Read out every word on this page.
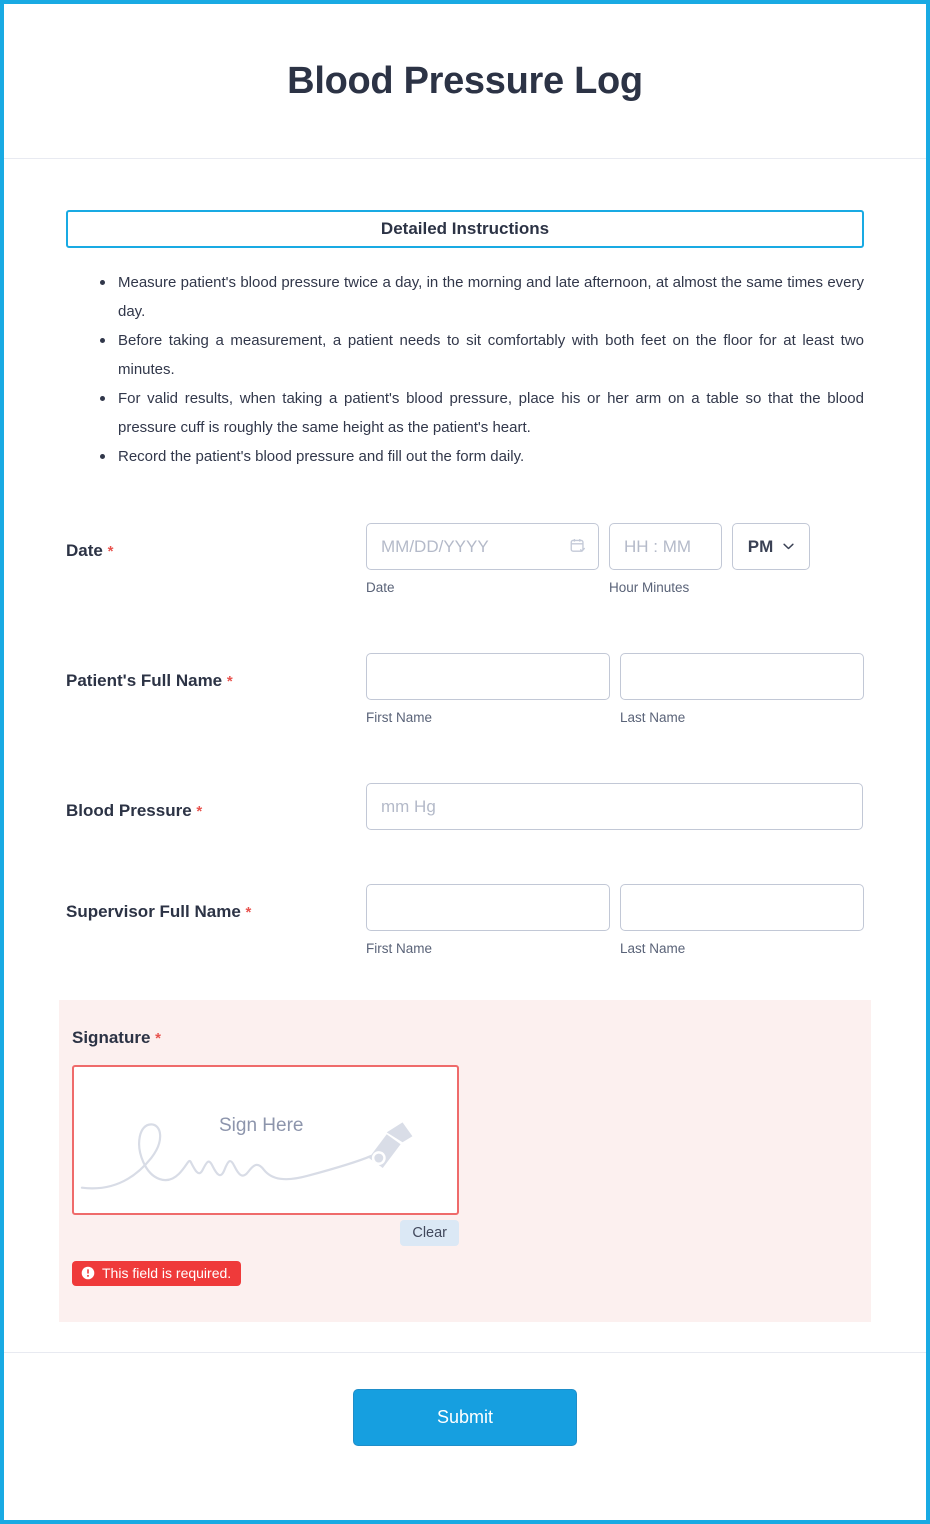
Blood Pressure Log
Detailed Instructions
Measure patient's blood pressure twice a day, in the morning and late afternoon, at almost the same times every day.
Before taking a measurement, a patient needs to sit comfortably with both feet on the floor for at least two minutes.
For valid results, when taking a patient's blood pressure, place his or her arm on a table so that the blood pressure cuff is roughly the same height as the patient's heart.
Record the patient's blood pressure and fill out the form daily.
Date *
MM/DD/YYYY
HH : MM	PM
Date	Hour Minutes
Patient's Full Name *
First Name	Last Name
Blood Pressure *
mm Hg
Supervisor Full Name *
First Name	Last Name
Signature *
Sign Here
Clear
This field is required.
Submit
